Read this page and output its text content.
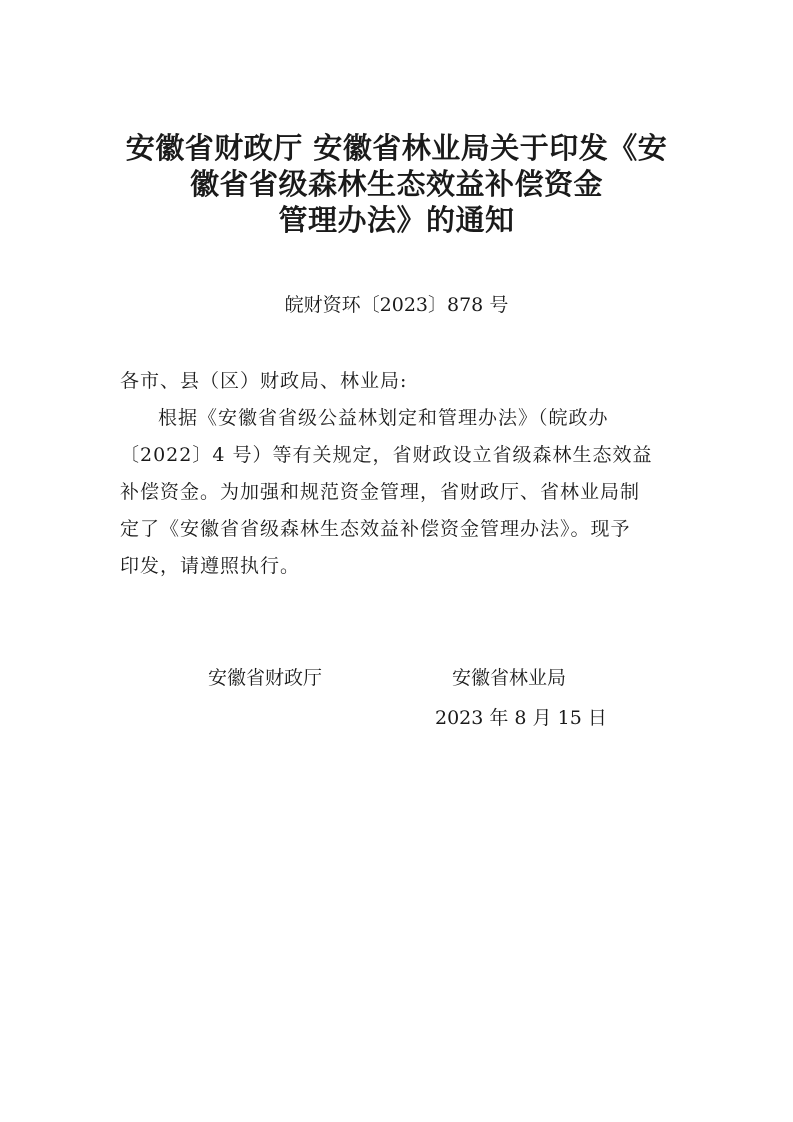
安徽省财政厅 安徽省林业局关于印发《安
徽省省级森林生态效益补偿资金
管理办法》的通知
皖财资环〔2023〕878 号
各市、县（区）财政局、林业局:
根据《安徽省省级公益林划定和管理办法》（皖政办
〔2022〕4 号）等有关规定，省财政设立省级森林生态效益
补偿资金。为加强和规范资金管理，省财政厅、省林业局制
定了《安徽省省级森林生态效益补偿资金管理办法》。现予
印发，请遵照执行。
安徽省财政厅	安徽省林业局
2023 年 8 月 15 日
